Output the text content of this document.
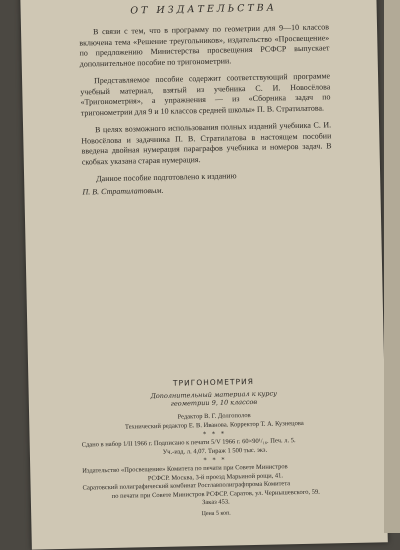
ОТ ИЗДАТЕЛЬСТВА

В связи с тем, что в программу по геометрии для 9—10 классов включена тема «Решение треугольников», издательство «Просвещение» по предложению Министерства просвещения РСФСР выпускает дополнительное пособие по тригонометрии.

Представляемое пособие содержит соответствующий программе учебный материал, взятый из учебника С. И. Новосёлова «Тригонометрия», а упражнения — из «Сборника задач по тригонометрии для 9 и 10 классов средней школы» П. В. Стратилатова.

В целях возможного использования полных изданий учебника С. И. Новосёлова и задачника П. В. Стратилатова в настоящем пособии введена двойная нумерация параграфов учебника и номеров задач. В скобках указана старая нумерация.

Данное пособие подготовлено к изданию

П. В. Стратилатовым.

ТРИГОНОМЕТРИЯ

Дополнительный материал к курсу
геометрии 9, 10 классов

Редактор В. Г. Долгополов

Технический редактор Е. В. Иванова. Корректор Т. А. Кузнецова

* * *

Сдано в набор 1/II 1966 г. Подписано к печати 5/V 1966 г. 60×90¹/₁₆. Печ. л. 5.

Уч.-изд. л. 4,07. Тираж 1 500 тыс. экз.

* * *

Издательство «Просвещение» Комитета по печати при Совете Министров

РСФСР. Москва, 3-й проезд Марьиной рощи, 41.

Саратовский полиграфический комбинат Росглавполиграфпрома Комитета

по печати при Совете Министров РСФСР. Саратов, ул. Чернышевского, 59.

Заказ 453.

Цена 5 коп.
